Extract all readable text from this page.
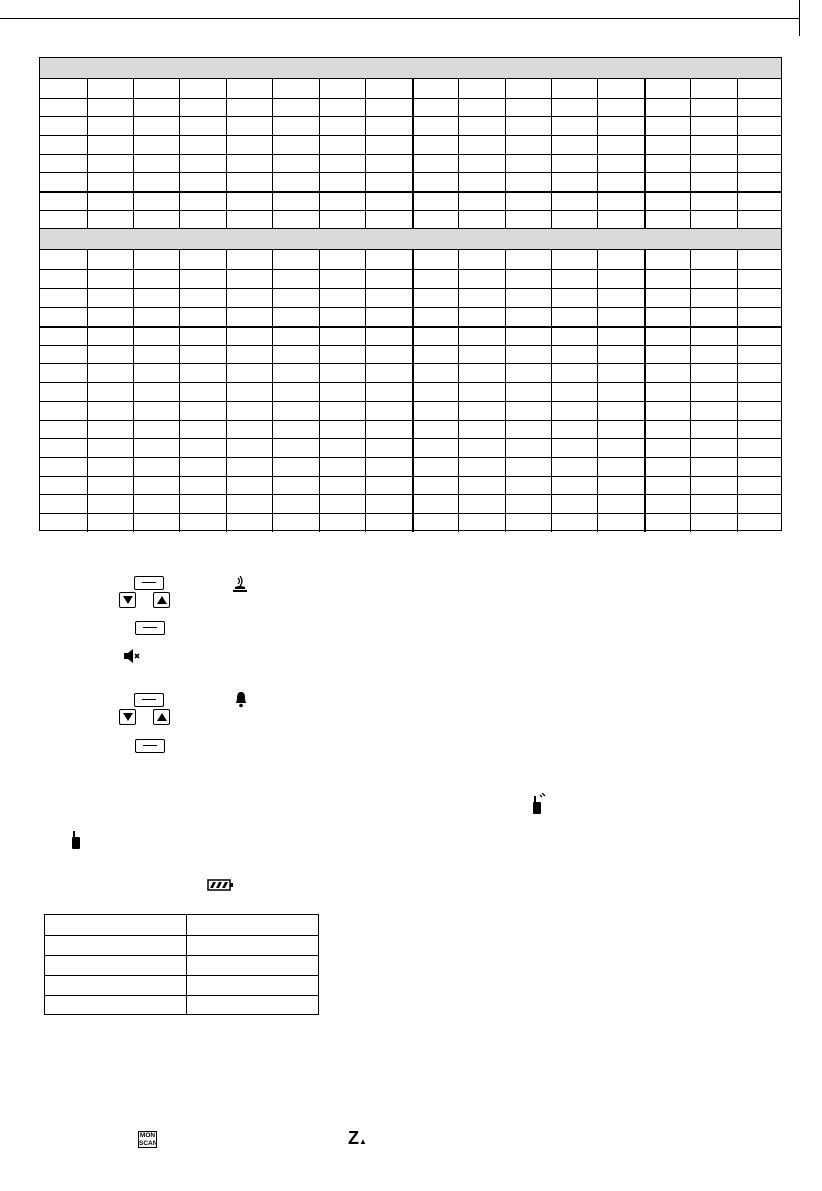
MON
SCAN	Z▲
